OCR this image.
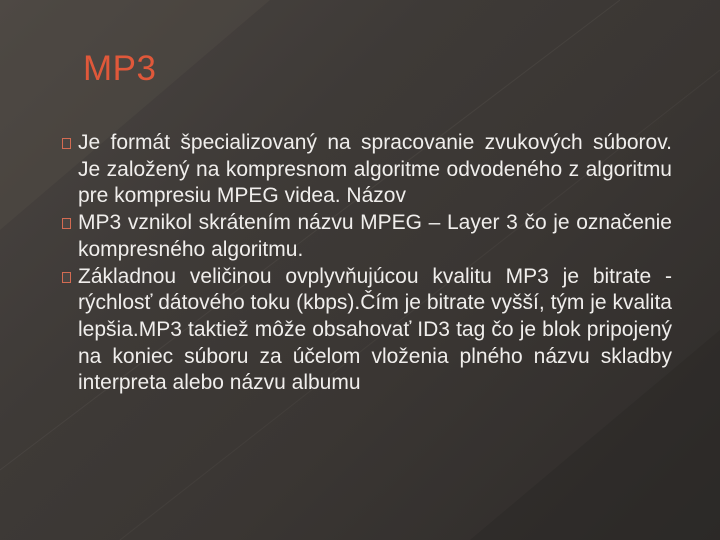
MP3
Je formát špecializovaný na spracovanie zvukových súborov. Je založený na kompresnom algoritme odvodeného z algoritmu pre kompresiu MPEG videa. Názov
MP3 vznikol skrátením názvu MPEG – Layer 3 čo je označenie kompresného algoritmu.
Základnou veličinou ovplyvňujúcou kvalitu MP3 je bitrate - rýchlosť dátového toku (kbps).Čím je bitrate vyšší, tým je kvalita lepšia.MP3 taktiež môže obsahovať ID3 tag čo je blok pripojený na koniec súboru za účelom vloženia plného názvu skladby interpreta alebo názvu albumu
